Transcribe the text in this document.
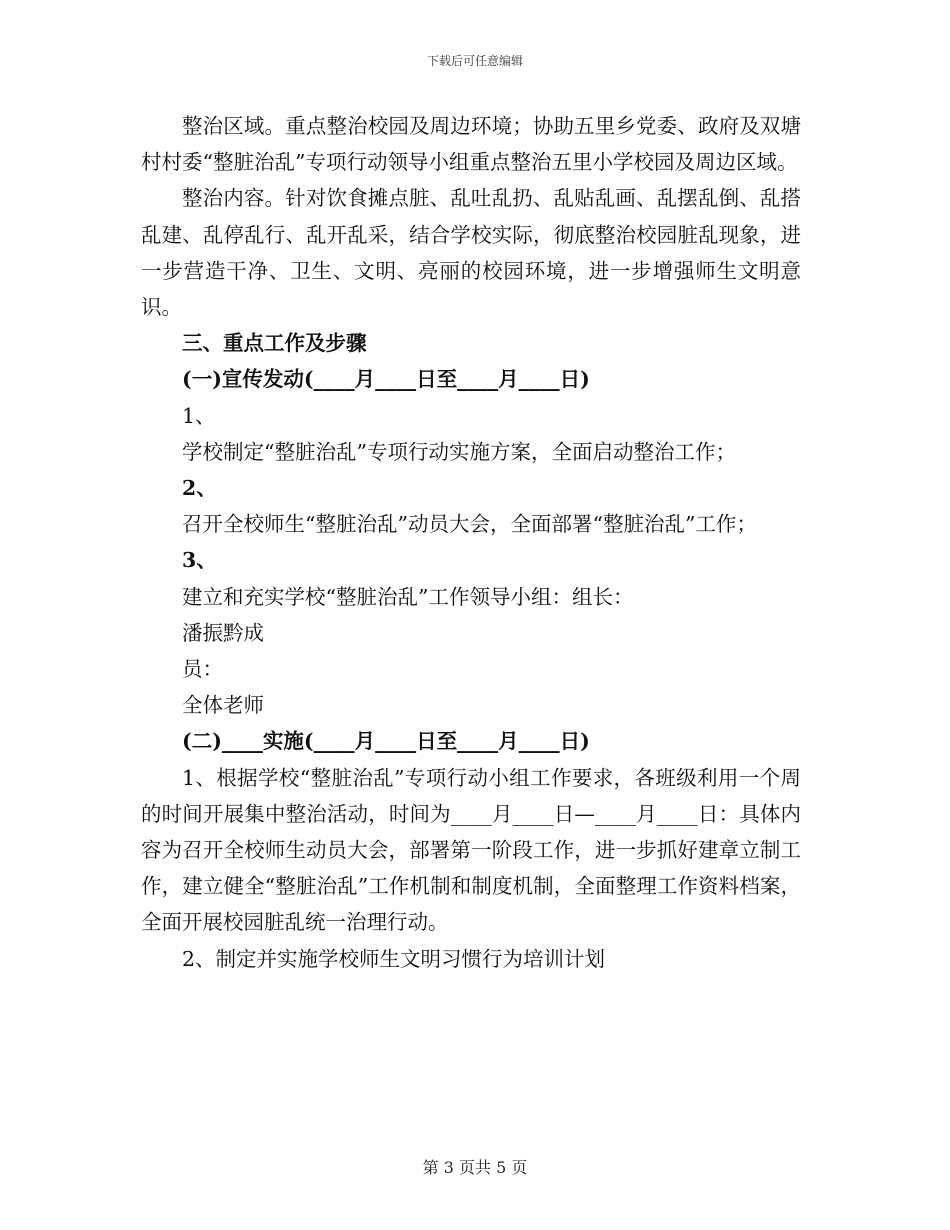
下载后可任意编辑

整治区域。重点整治校园及周边环境；协助五里乡党委、政府及双塘村村委“整脏治乱”专项行动领导小组重点整治五里小学校园及周边区域。

整治内容。针对饮食摊点脏、乱吐乱扔、乱贴乱画、乱摆乱倒、乱搭乱建、乱停乱行、乱开乱采，结合学校实际，彻底整治校园脏乱现象，进一步营造干净、卫生、文明、亮丽的校园环境，进一步增强师生文明意识。

三、重点工作及步骤

(一)宣传发动(____月____日至____月____日)

1、

学校制定“整脏治乱”专项行动实施方案，全面启动整治工作；

2、

召开全校师生“整脏治乱”动员大会，全面部署“整脏治乱”工作；

3、

建立和充实学校“整脏治乱”工作领导小组：组长：

潘振黔成

员：

全体老师

(二)____实施(____月____日至____月____日)

1、根据学校“整脏治乱”专项行动小组工作要求，各班级利用一个周的时间开展集中整治活动，时间为____月____日—____月____日：具体内容为召开全校师生动员大会，部署第一阶段工作，进一步抓好建章立制工作，建立健全“整脏治乱”工作机制和制度机制，全面整理工作资料档案，全面开展校园脏乱统一治理行动。

2、制定并实施学校师生文明习惯行为培训计划

第 3 页共 5 页
